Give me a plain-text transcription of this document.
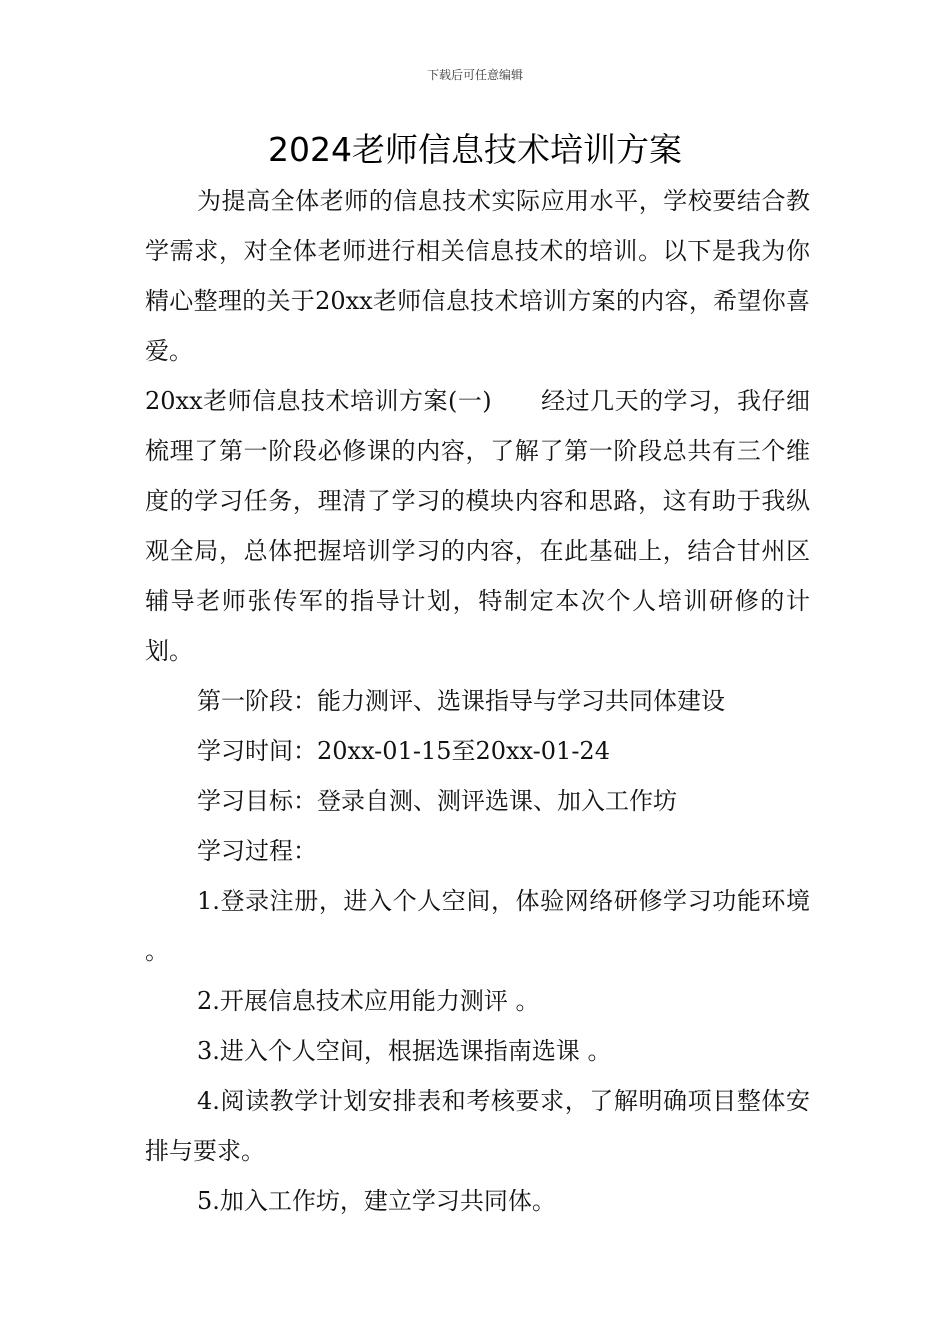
下载后可任意编辑
2024老师信息技术培训方案

为提高全体老师的信息技术实际应用水平，学校要结合教学需求，对全体老师进行相关信息技术的培训。以下是我为你精心整理的关于20xx老师信息技术培训方案的内容，希望你喜爱。

20xx老师信息技术培训方案(一)　　经过几天的学习，我仔细梳理了第一阶段必修课的内容，了解了第一阶段总共有三个维度的学习任务，理清了学习的模块内容和思路，这有助于我纵观全局，总体把握培训学习的内容，在此基础上，结合甘州区辅导老师张传军的指导计划，特制定本次个人培训研修的计划。

第一阶段：能力测评、选课指导与学习共同体建设

学习时间：20xx-01-15至20xx-01-24

学习目标：登录自测、测评选课、加入工作坊

学习过程：

1.登录注册，进入个人空间，体验网络研修学习功能环境 。

2.开展信息技术应用能力测评 。

3.进入个人空间，根据选课指南选课 。

4.阅读教学计划安排表和考核要求，了解明确项目整体安排与要求。

5.加入工作坊，建立学习共同体。
